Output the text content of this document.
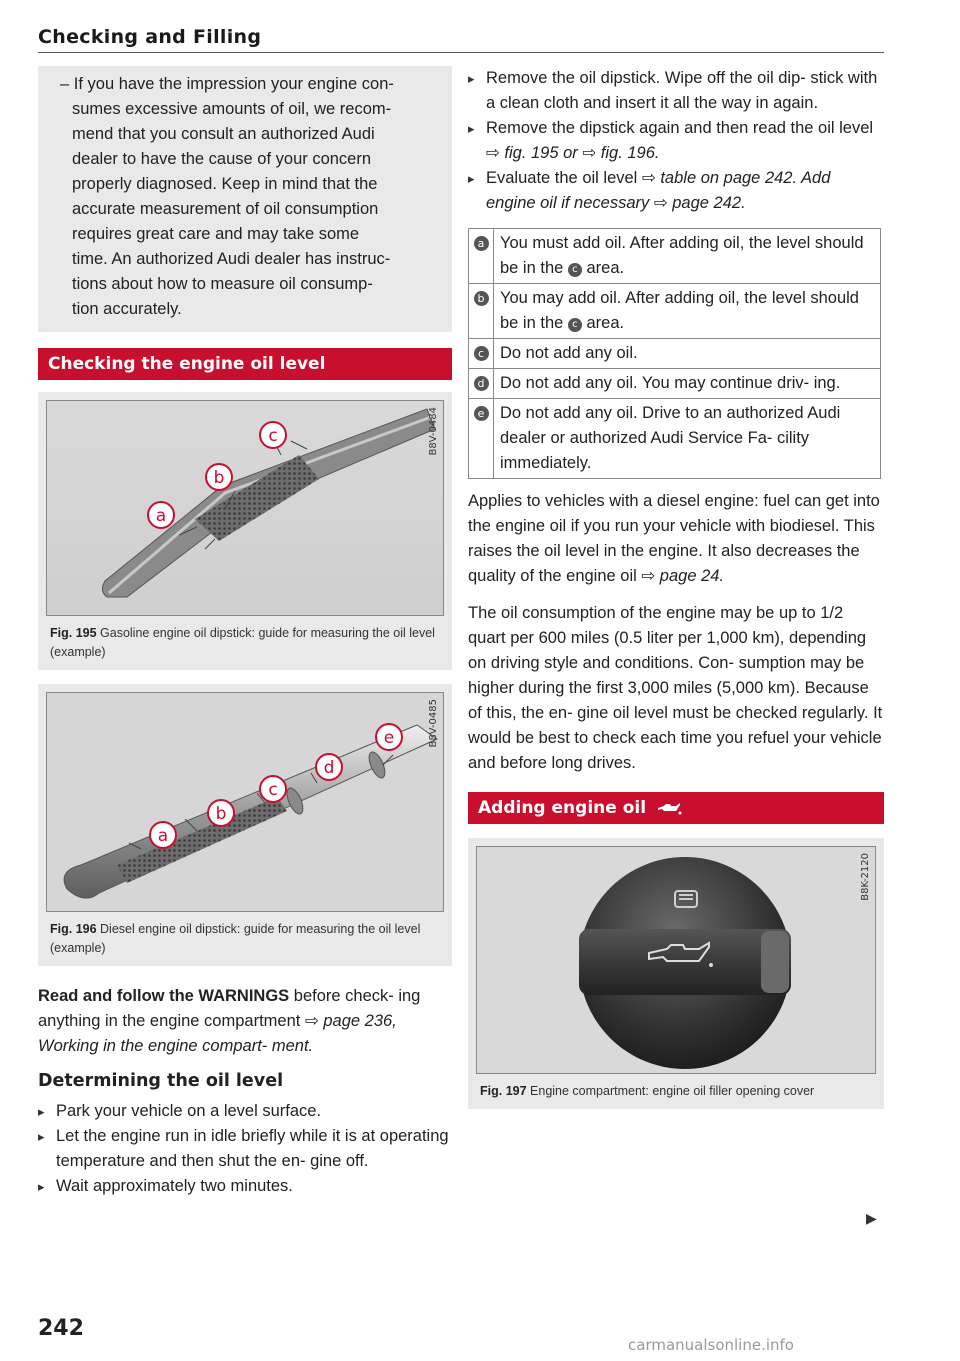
Checking and Filling
– If you have the impression your engine con-
sumes excessive amounts of oil, we recom-
mend that you consult an authorized Audi
dealer to have the cause of your concern
properly diagnosed. Keep in mind that the
accurate measurement of oil consumption
requires great care and may take some
time. An authorized Audi dealer has instruc-
tions about how to measure oil consump-
tion accurately.
Checking the engine oil level
c
b
a
B8V-0484
Fig. 195 Gasoline engine oil dipstick: guide for measuring the oil level (example)
e
d
c
b
a
B8V-0485
Fig. 196 Diesel engine oil dipstick: guide for measuring the oil level (example)
Read and follow the WARNINGS before check- ing anything in the engine compartment ⇨ page 236, Working in the engine compart- ment.
Determining the oil level
▸ Park your vehicle on a level surface.
▸ Let the engine run in idle briefly while it is at operating temperature and then shut the en- gine off.
▸ Wait approximately two minutes.
▸ Remove the oil dipstick. Wipe off the oil dip- stick with a clean cloth and insert it all the way in again.
▸ Remove the dipstick again and then read the oil level ⇨ fig. 195 or ⇨ fig. 196.
▸ Evaluate the oil level ⇨ table on page 242. Add engine oil if necessary ⇨ page 242.
a	You must add oil. After adding oil, the level should be in the c area.
b	You may add oil. After adding oil, the level should be in the c area.
c	Do not add any oil.
d	Do not add any oil. You may continue driv- ing.
e	Do not add any oil. Drive to an authorized Audi dealer or authorized Audi Service Fa- cility immediately.
Applies to vehicles with a diesel engine: fuel can get into the engine oil if you run your vehicle with biodiesel. This raises the oil level in the engine. It also decreases the quality of the engine oil ⇨ page 24.
The oil consumption of the engine may be up to 1/2 quart per 600 miles (0.5 liter per 1,000 km), depending on driving style and conditions. Con- sumption may be higher during the first 3,000 miles (5,000 km). Because of this, the en- gine oil level must be checked regularly. It would be best to check each time you refuel your vehicle and before long drives.
Adding engine oil
B8K-2120
Fig. 197 Engine compartment: engine oil filler opening cover
▶
242
carmanualsonline.info
